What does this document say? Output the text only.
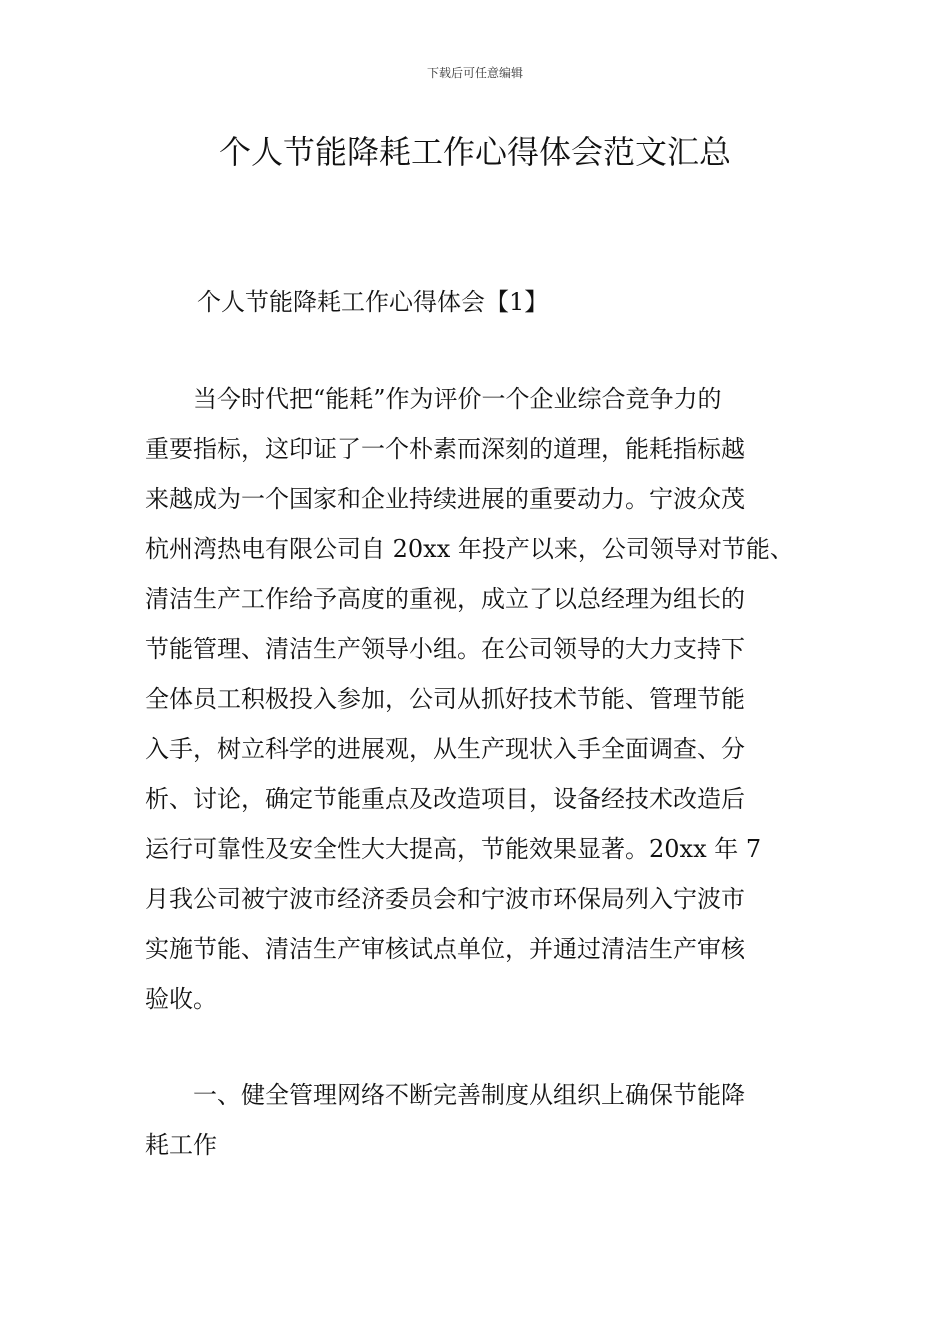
下载后可任意编辑
个人节能降耗工作心得体会范文汇总
个人节能降耗工作心得体会【1】
　　当今时代把“能耗”作为评价一个企业综合竞争力的
重要指标，这印证了一个朴素而深刻的道理，能耗指标越
来越成为一个国家和企业持续进展的重要动力。宁波众茂
杭州湾热电有限公司自 20xx 年投产以来，公司领导对节能、
清洁生产工作给予高度的重视，成立了以总经理为组长的
节能管理、清洁生产领导小组。在公司领导的大力支持下
全体员工积极投入参加，公司从抓好技术节能、管理节能
入手，树立科学的进展观，从生产现状入手全面调查、分
析、讨论，确定节能重点及改造项目，设备经技术改造后
运行可靠性及安全性大大提高，节能效果显著。20xx 年 7
月我公司被宁波市经济委员会和宁波市环保局列入宁波市
实施节能、清洁生产审核试点单位，并通过清洁生产审核
验收。
　　一、健全管理网络不断完善制度从组织上确保节能降
耗工作
